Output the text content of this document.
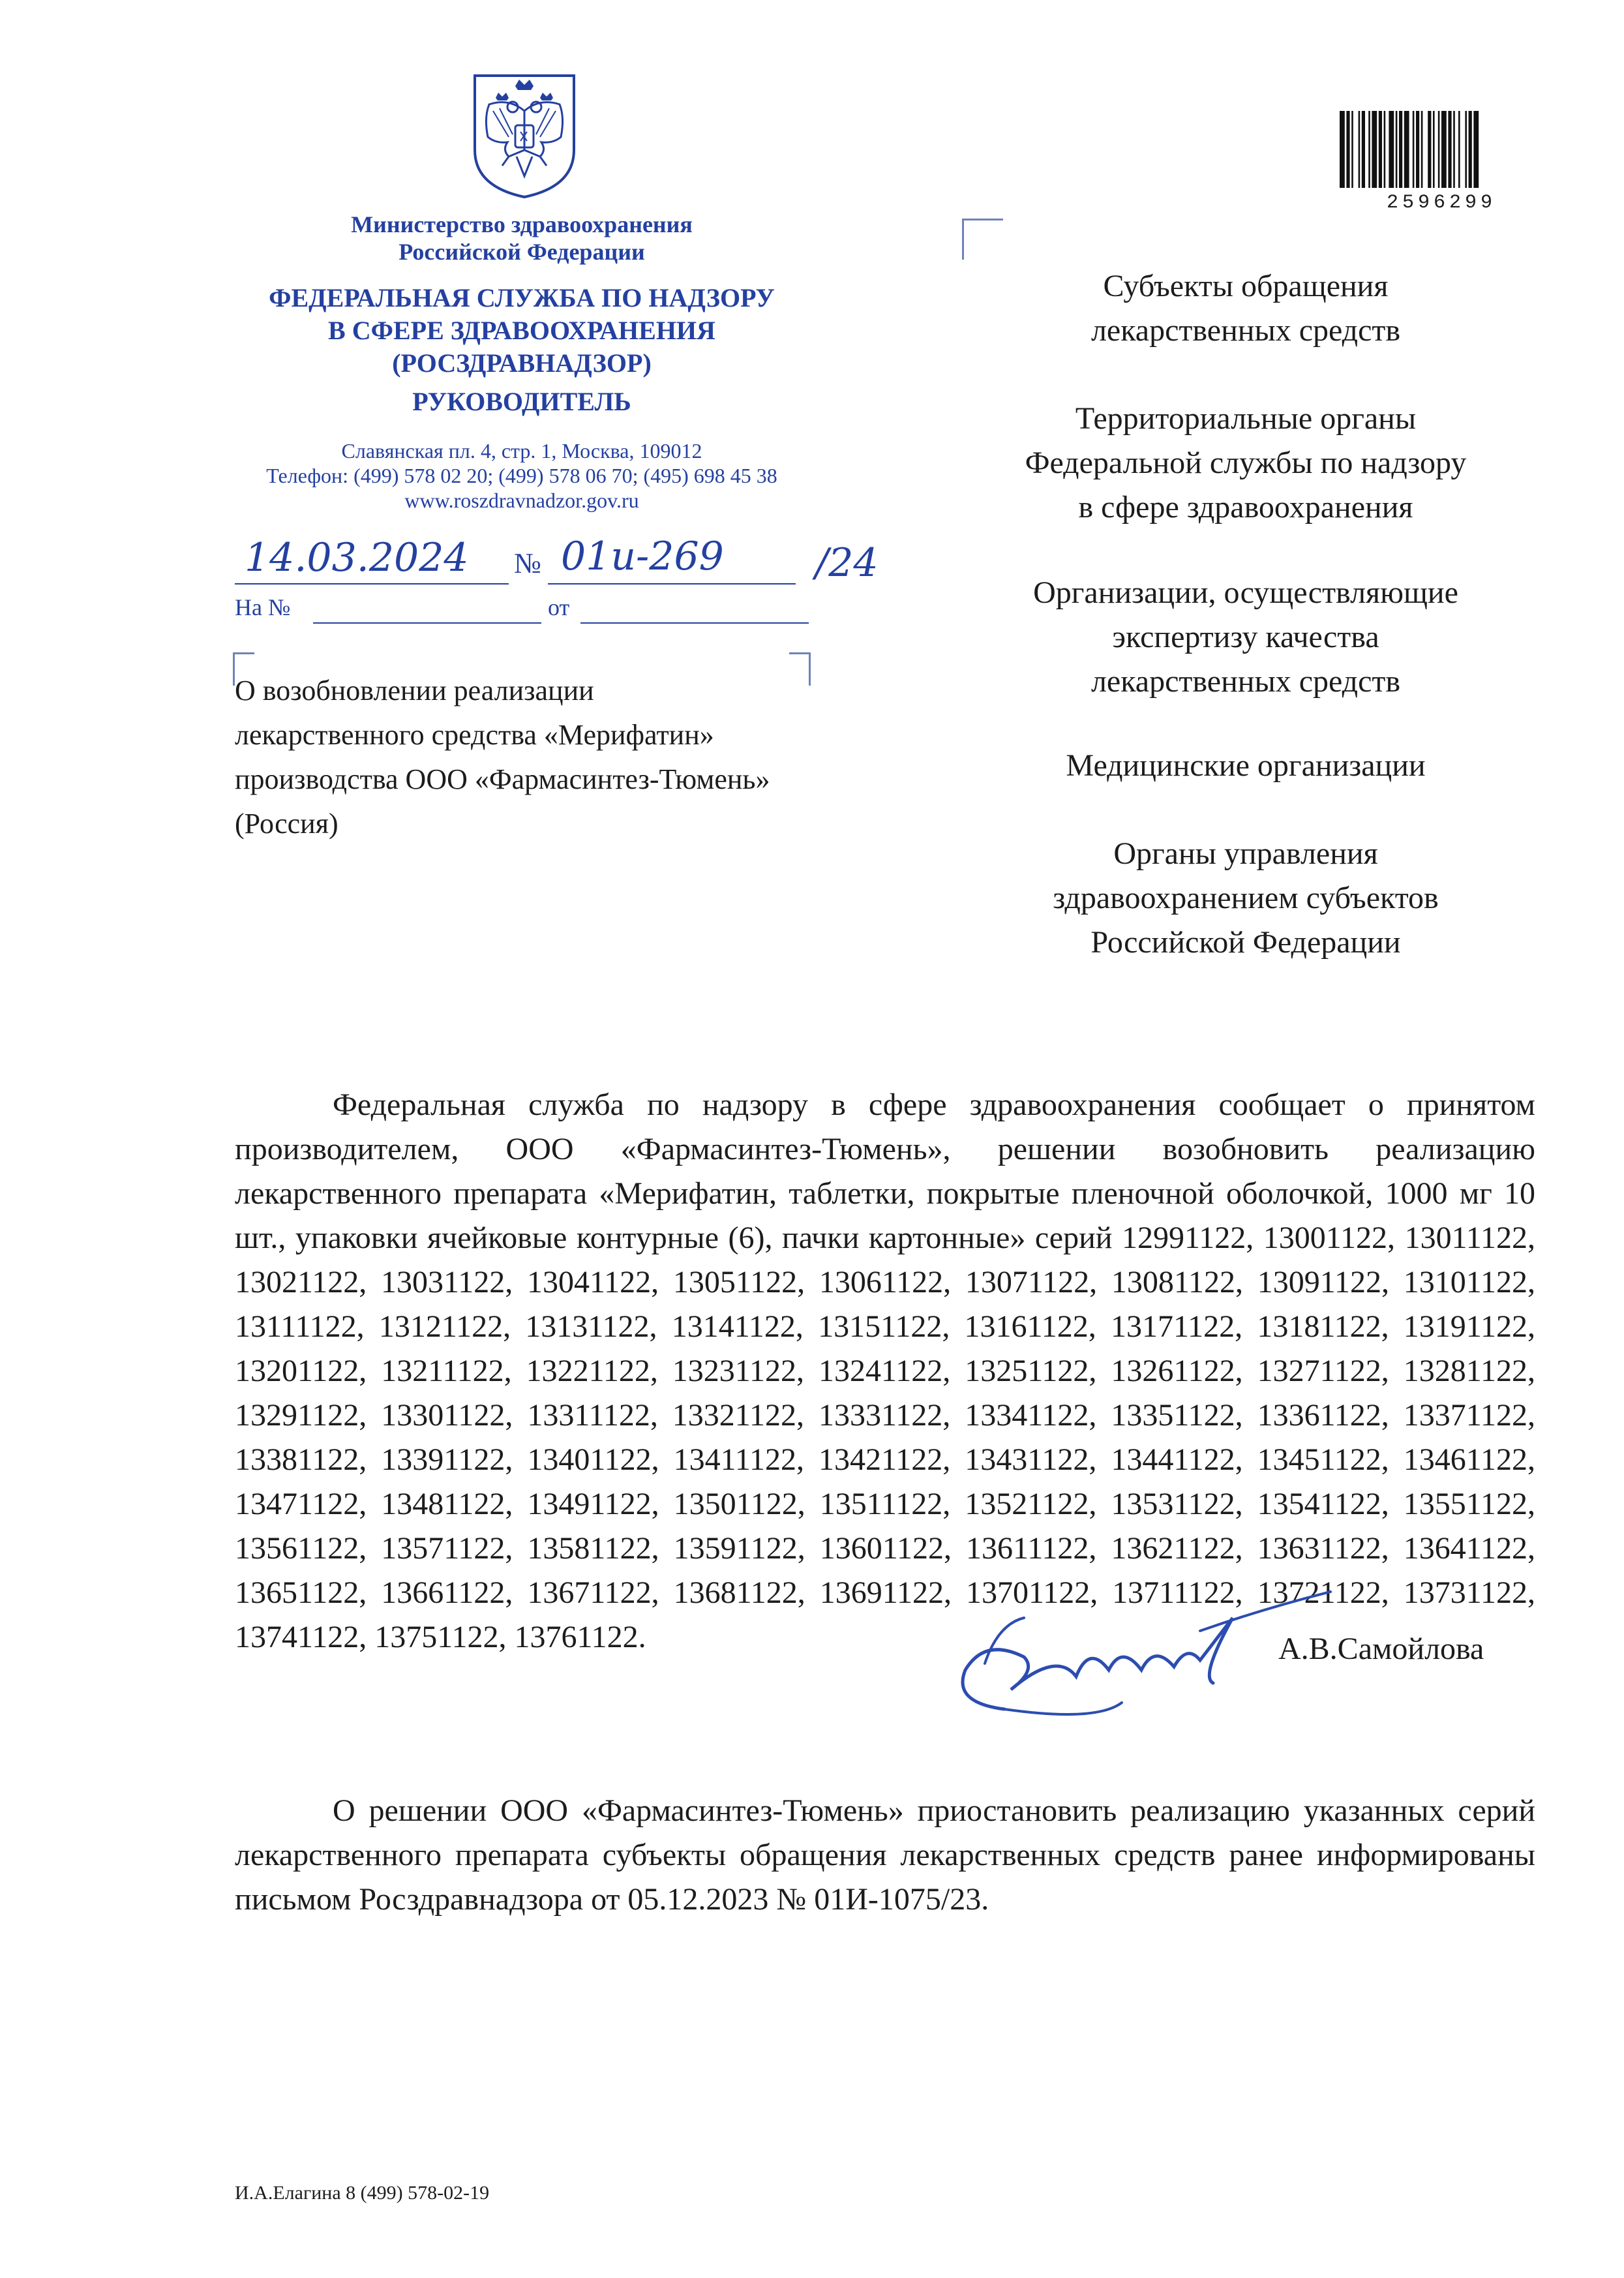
Министерство здравоохранения
Российской Федерации
ФЕДЕРАЛЬНАЯ СЛУЖБА ПО НАДЗОРУ
В СФЕРЕ ЗДРАВООХРАНЕНИЯ
(РОСЗДРАВНАДЗОР)
РУКОВОДИТЕЛЬ
Славянская пл. 4, стр. 1, Москва, 109012
Телефон: (499) 578 02 20; (499) 578 06 70; (495) 698 45 38
www.roszdravnadzor.gov.ru
14.03.2024 № 01и-269 /24
На №	от
О возобновлении реализации
лекарственного средства «Мерифатин»
производства ООО «Фармасинтез-Тюмень»
(Россия)
2596299
Субъекты обращения
лекарственных средств
Территориальные органы
Федеральной службы по надзору
в сфере здравоохранения
Организации, осуществляющие
экспертизу качества
лекарственных средств
Медицинские организации
Органы управления
здравоохранением субъектов
Российской Федерации

Федеральная служба по надзору в сфере здравоохранения сообщает о принятом производителем, ООО «Фармасинтез-Тюмень», решении возобновить реализацию лекарственного препарата «Мерифатин, таблетки, покрытые пленочной оболочкой, 1000 мг 10 шт., упаковки ячейковые контурные (6), пачки картонные» серий 12991122, 13001122, 13011122, 13021122, 13031122, 13041122, 13051122, 13061122, 13071122, 13081122, 13091122, 13101122, 13111122, 13121122, 13131122, 13141122, 13151122, 13161122, 13171122, 13181122, 13191122, 13201122, 13211122, 13221122, 13231122, 13241122, 13251122, 13261122, 13271122, 13281122, 13291122, 13301122, 13311122, 13321122, 13331122, 13341122, 13351122, 13361122, 13371122, 13381122, 13391122, 13401122, 13411122, 13421122, 13431122, 13441122, 13451122, 13461122, 13471122, 13481122, 13491122, 13501122, 13511122, 13521122, 13531122, 13541122, 13551122, 13561122, 13571122, 13581122, 13591122, 13601122, 13611122, 13621122, 13631122, 13641122, 13651122, 13661122, 13671122, 13681122, 13691122, 13701122, 13711122, 13721122, 13731122, 13741122, 13751122, 13761122.

О решении ООО «Фармасинтез-Тюмень» приостановить реализацию указанных серий лекарственного препарата субъекты обращения лекарственных средств ранее информированы письмом Росздравнадзора от 05.12.2023 № 01И-1075/23.

А.В.Самойлова
И.А.Елагина 8 (499) 578-02-19
